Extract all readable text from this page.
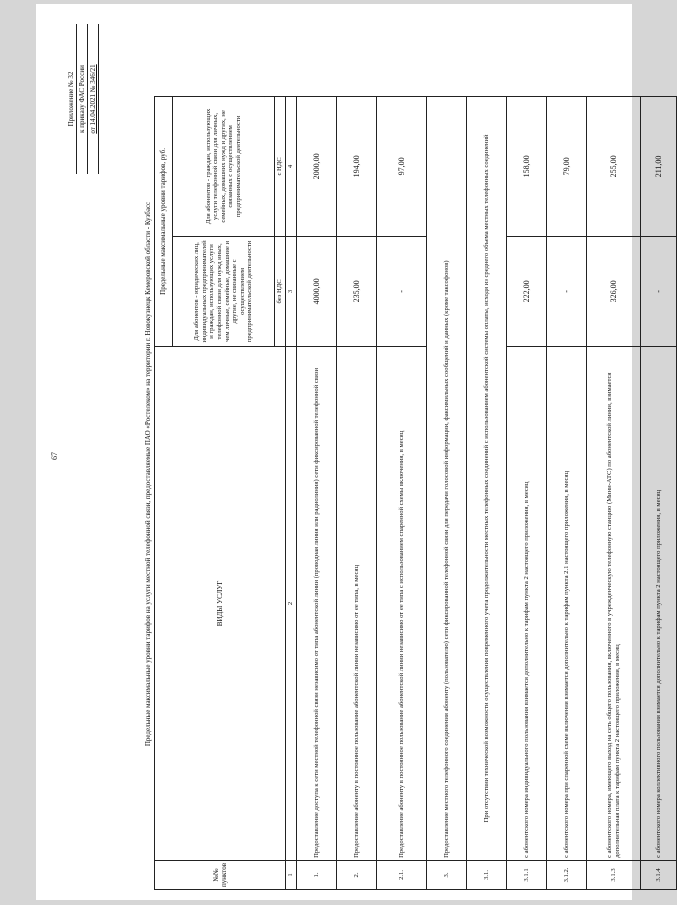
67
Приложение № 32
к приказу ФАС России
от 14.04.2021 № 346/21
Предельные максимальные уровни тарифов на услуги местной телефонной связи, предоставляемые ПАО «Ростелеком» на территории г. Новокузнецк Кемеровской области - Кузбасс
№№ пунктов	ВИДЫ УСЛУГ	Предельные максимальные уровни тарифов, руб.	
		Для абонентов - юридических лиц, индивидуальных предпринимателей и граждан, использующих услуги телефонной связи для нужд иных, чем личные, семейные, домашние и другие, не связанные с осуществлением предпринимательской деятельности	Для абонентов - граждан, использующих услуги телефонной связи для личных, семейных, домашних нужд и других, не связанных с осуществлением предпринимательской деятельности
		без НДС	с НДС
1	2	3	4
1.	Предоставление доступа к сети местной телефонной связи независимо от типа абонентской линии (проводная линия или радиолиния) сети фиксированной телефонной связи	4000,00	2000,00
2.	Предоставление абоненту в постоянное пользование абонентской линии независимо от ее типа, в месяц	235,00	194,00
2.1.	Предоставление абоненту в постоянное пользование абонентской линии независимо от ее типа с использованием спаренной схемы включения, в месяц	-	97,00
3.	Предоставление местного телефонного соединения абоненту (пользователю) сети фиксированной телефонной связи для передачи голосовой информации, факсимильных сообщений и данных (кроме таксофонов)		
3.1.	При отсутствии технической возможности осуществления повременного учета продолжительности местных телефонных соединений с использованием абонентской системы оплаты, исходя из среднего объема местных телефонных соединений		
3.1.1	с абонентского номера индивидуального пользования взимается дополнительно к тарифам пункта 2 настоящего приложения, в месяц	222,00	158,00
3.1.2.	с абонентского номера при спаренной схеме включения взимается дополнительно к тарифам пункта 2.1 настоящего приложения, в месяц	-	79,00
3.1.3	с абонентского номера, имеющего выход на сеть общего пользования, включенного в учрежденческую телефонную станцию (Мини-АТС) по абонентской линии, взимается дополнительная плата к тарифам пункта 2 настоящего приложения, в месяц	326,00	255,00
3.1.4	с абонентского номера коллективного пользования взимается дополнительно к тарифам пункта 2 настоящего приложения, в месяц	-	211,00
